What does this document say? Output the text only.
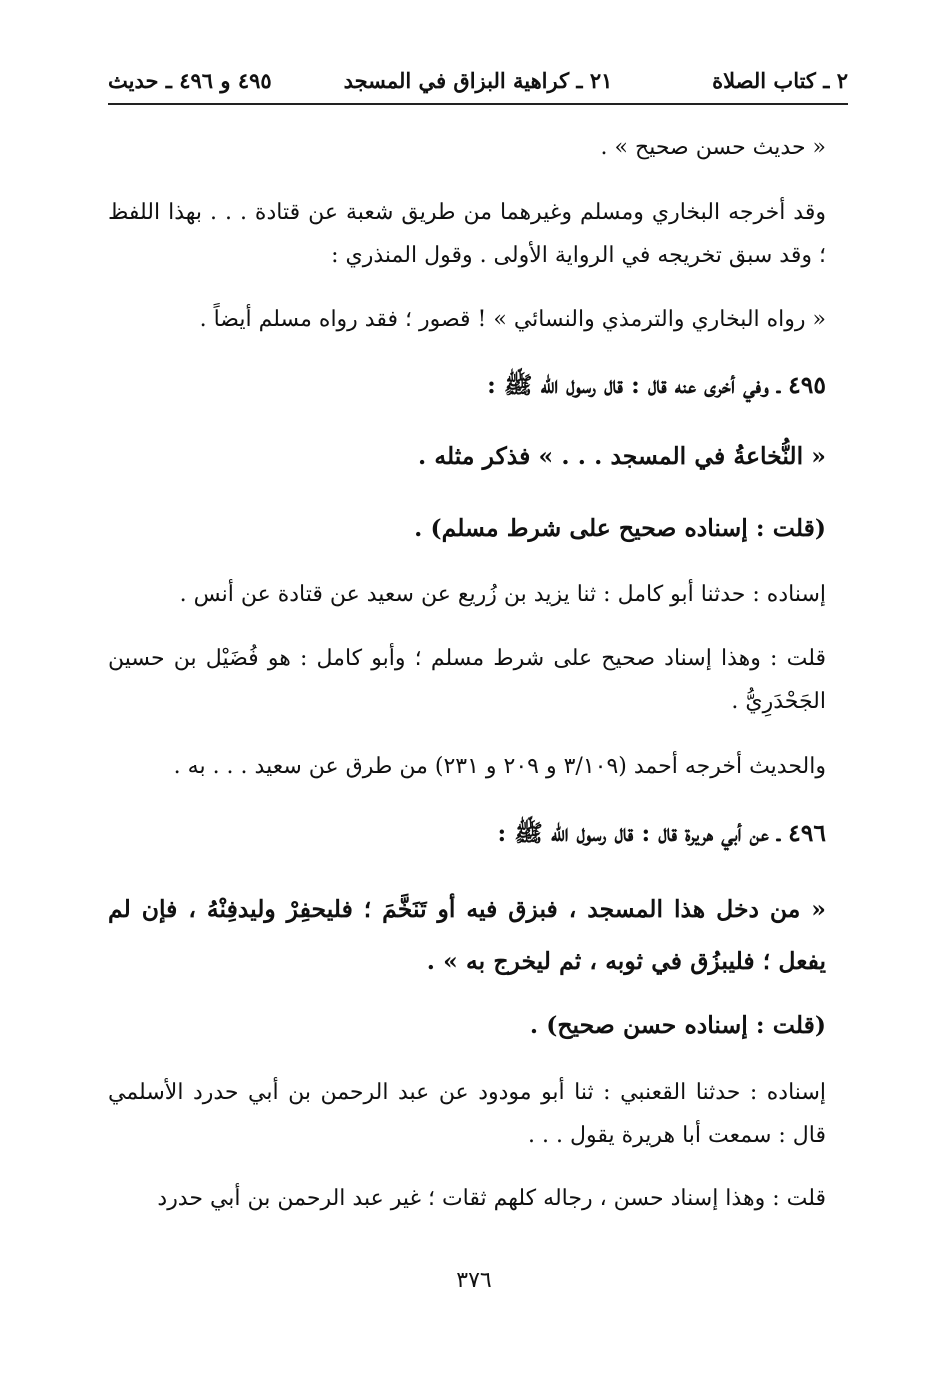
٢ ـ كتاب الصلاة
٢١ ـ كراهية البزاق في المسجد
٤٩٥ و ٤٩٦ ـ حديث

« حديث حسن صحيح » .

وقد أخرجه البخاري ومسلم وغيرهما من طريق شعبة عن قتادة . . . بهذا اللفظ ؛ وقد سبق تخريجه في الرواية الأولى . وقول المنذري :

« رواه البخاري والترمذي والنسائي » ! قصور ؛ فقد رواه مسلم أيضاً .

٤٩٥ ـ وفي أخرى عنه قال : قال رسول الله ﷺ :

« النُّخاعةُ في المسجد . . . » فذكر مثله .

(قلت : إسناده صحيح على شرط مسلم) .

إسناده : حدثنا أبو كامل : ثنا يزيد بن زُريع عن سعيد عن قتادة عن أنس .

قلت : وهذا إسناد صحيح على شرط مسلم ؛ وأبو كامل : هو فُضَيْل بن حسين الجَحْدَرِيُّ .

والحديث أخرجه أحمد (٣/١٠٩ و ٢٠٩ و ٢٣١) من طرق عن سعيد . . . به .

٤٩٦ ـ عن أبي هريرة قال : قال رسول الله ﷺ :

« من دخل هذا المسجد ، فبزق فيه أو تَنَخَّمَ ؛ فليحفِرْ وليدفِنْهُ ، فإن لم يفعل ؛ فليبزُق في ثوبه ، ثم ليخرج به » .

(قلت : إسناده حسن صحيح) .

إسناده : حدثنا القعنبي : ثنا أبو مودود عن عبد الرحمن بن أبي حدرد الأسلمي قال : سمعت أبا هريرة يقول . . .

قلت : وهذا إسناد حسن ، رجاله كلهم ثقات ؛ غير عبد الرحمن بن أبي حدرد

٣٧٦
